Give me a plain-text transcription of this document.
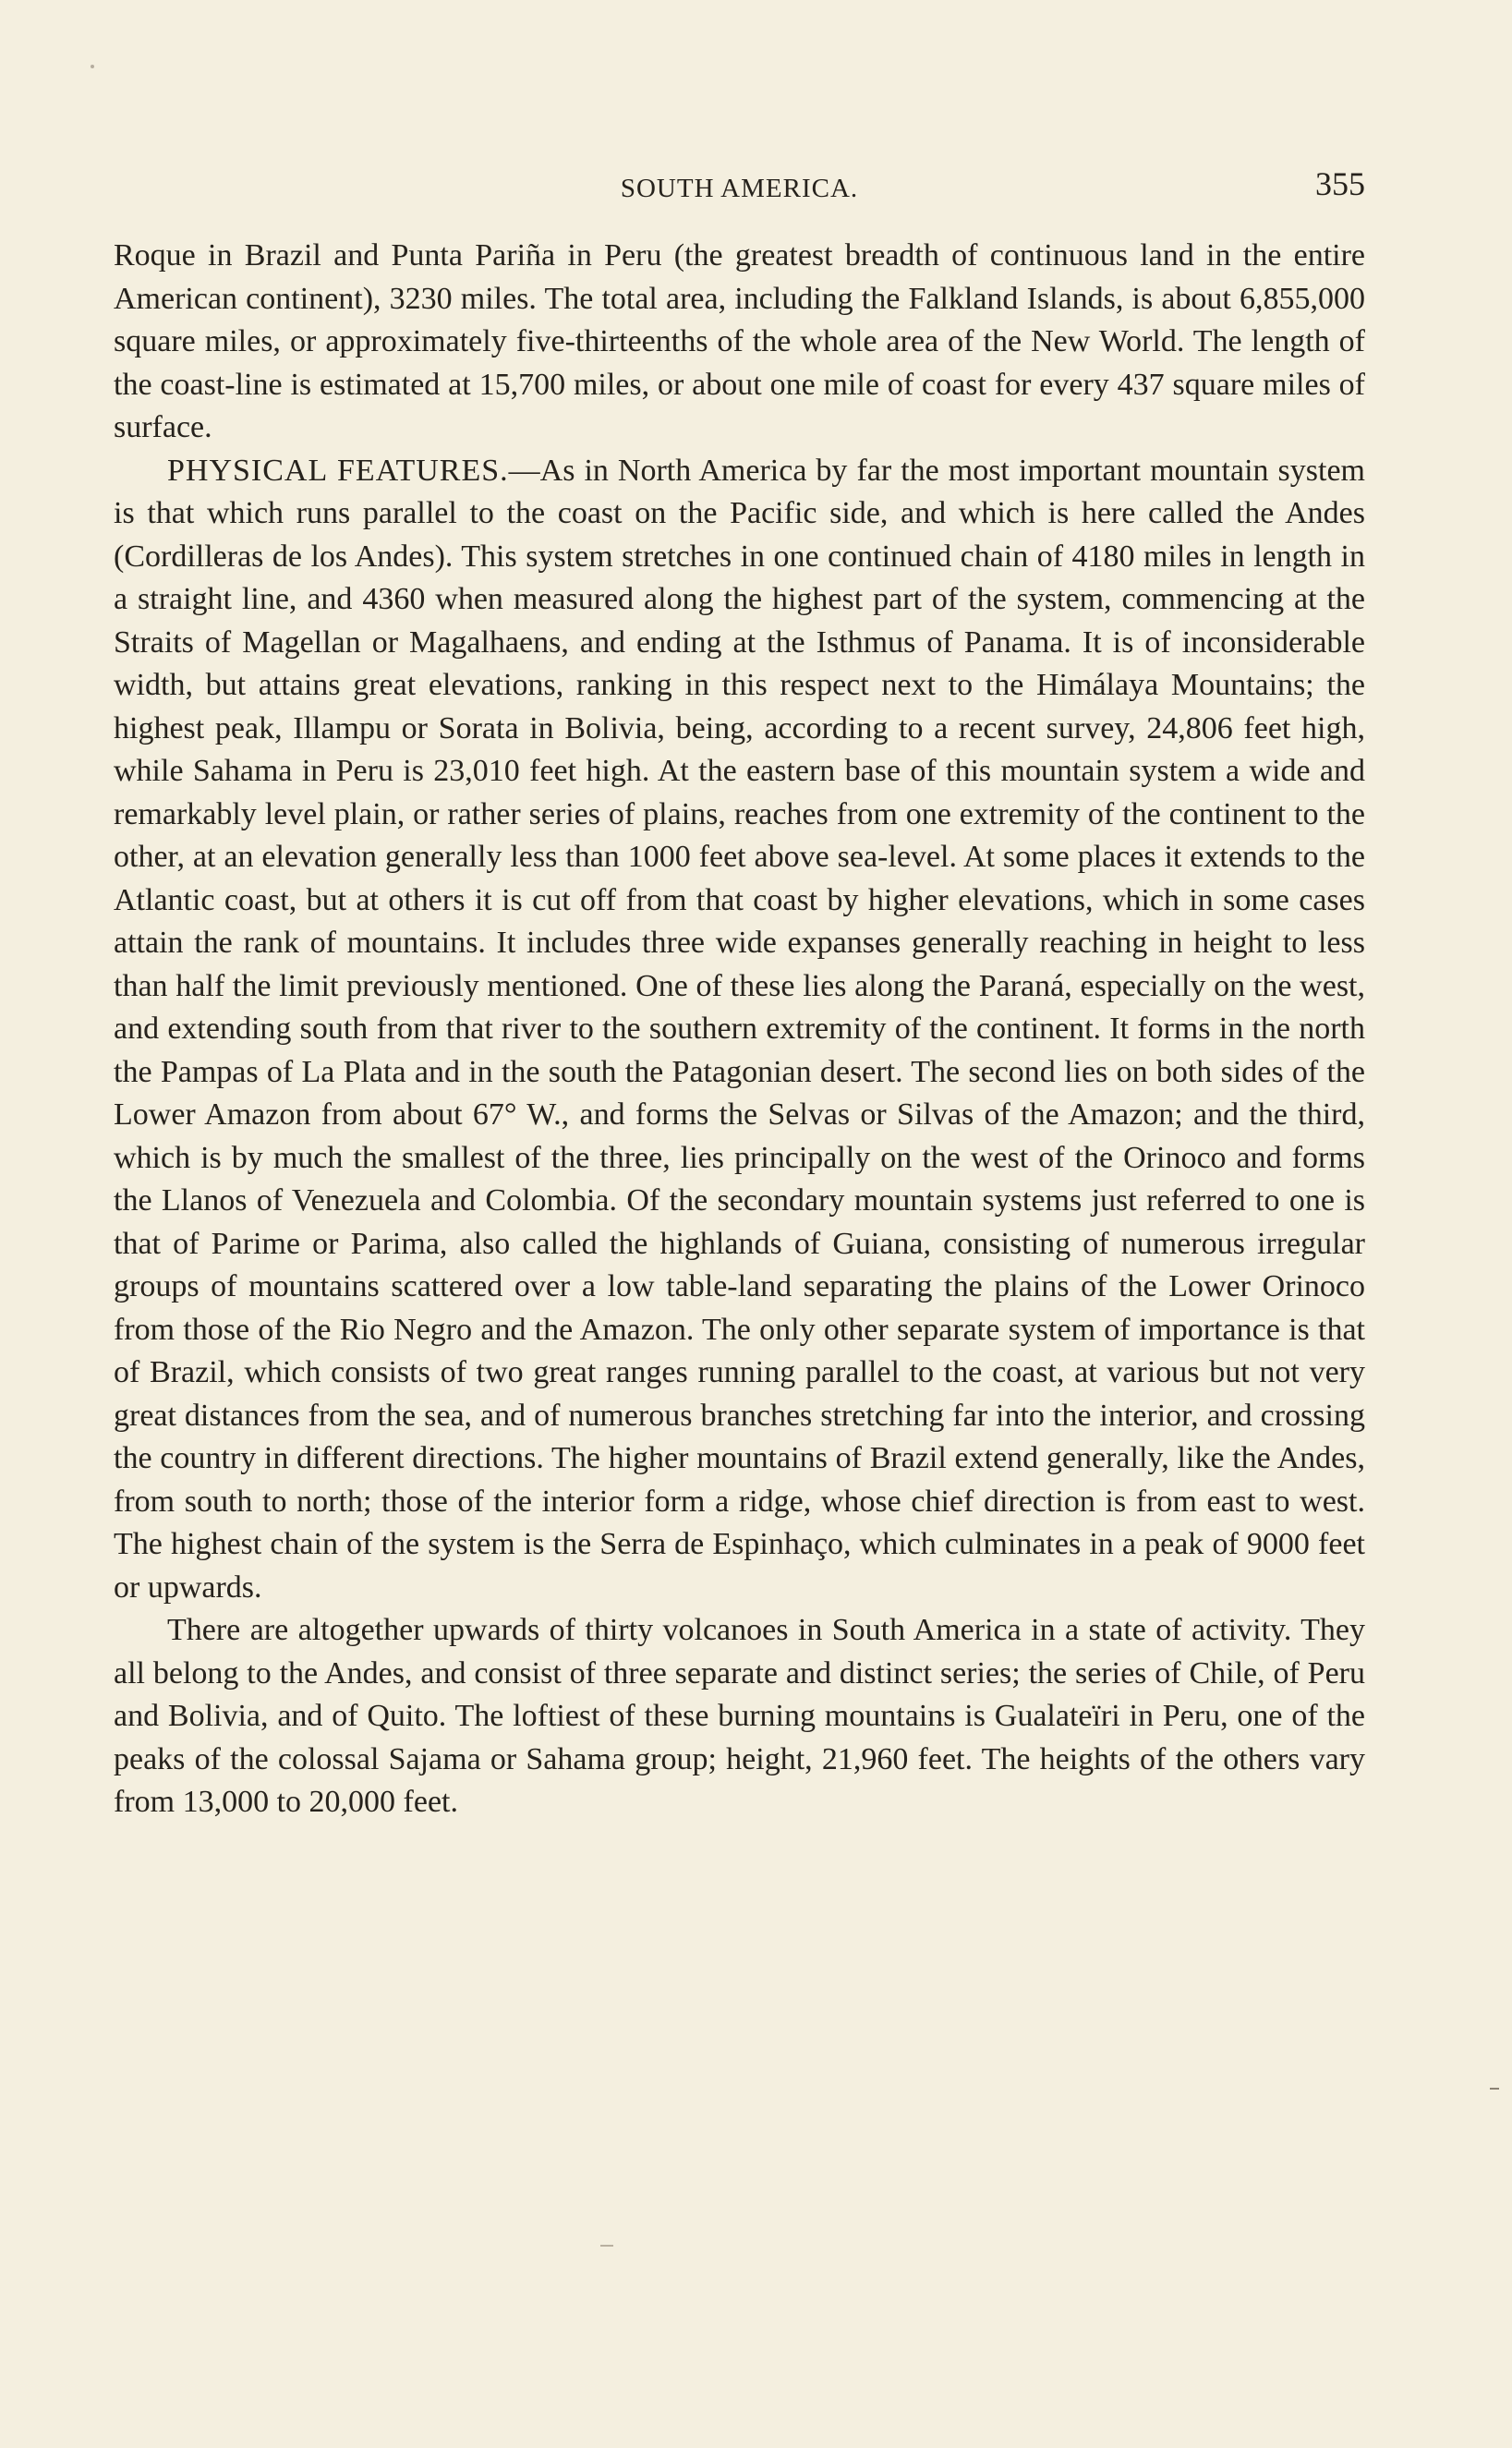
SOUTH AMERICA.	355

Roque in Brazil and Punta Pariña in Peru (the greatest breadth of continuous land in the entire American continent), 3230 miles. The total area, including the Falkland Islands, is about 6,855,000 square miles, or approximately five-thirteenths of the whole area of the New World. The length of the coast-line is estimated at 15,700 miles, or about one mile of coast for every 437 square miles of surface.

PHYSICAL FEATURES.—As in North America by far the most important mountain system is that which runs parallel to the coast on the Pacific side, and which is here called the Andes (Cordilleras de los Andes). This system stretches in one continued chain of 4180 miles in length in a straight line, and 4360 when measured along the highest part of the system, commencing at the Straits of Magellan or Magalhaens, and ending at the Isthmus of Panama. It is of inconsiderable width, but attains great elevations, ranking in this respect next to the Himálaya Mountains; the highest peak, Illampu or Sorata in Bolivia, being, according to a recent survey, 24,806 feet high, while Sahama in Peru is 23,010 feet high. At the eastern base of this mountain system a wide and remarkably level plain, or rather series of plains, reaches from one extremity of the continent to the other, at an elevation generally less than 1000 feet above sea-level. At some places it extends to the Atlantic coast, but at others it is cut off from that coast by higher elevations, which in some cases attain the rank of mountains. It includes three wide expanses generally reaching in height to less than half the limit previously mentioned. One of these lies along the Paraná, especially on the west, and extending south from that river to the southern extremity of the continent. It forms in the north the Pampas of La Plata and in the south the Patagonian desert. The second lies on both sides of the Lower Amazon from about 67° W., and forms the Selvas or Silvas of the Amazon; and the third, which is by much the smallest of the three, lies principally on the west of the Orinoco and forms the Llanos of Venezuela and Colombia. Of the secondary mountain systems just referred to one is that of Parime or Parima, also called the highlands of Guiana, consisting of numerous irregular groups of mountains scattered over a low table-land separating the plains of the Lower Orinoco from those of the Rio Negro and the Amazon. The only other separate system of importance is that of Brazil, which consists of two great ranges running parallel to the coast, at various but not very great distances from the sea, and of numerous branches stretching far into the interior, and crossing the country in different directions. The higher mountains of Brazil extend generally, like the Andes, from south to north; those of the interior form a ridge, whose chief direction is from east to west. The highest chain of the system is the Serra de Espinhaço, which culminates in a peak of 9000 feet or upwards.

There are altogether upwards of thirty volcanoes in South America in a state of activity. They all belong to the Andes, and consist of three separate and distinct series; the series of Chile, of Peru and Bolivia, and of Quito. The loftiest of these burning mountains is Gualateïri in Peru, one of the peaks of the colossal Sajama or Sahama group; height, 21,960 feet. The heights of the others vary from 13,000 to 20,000 feet.
